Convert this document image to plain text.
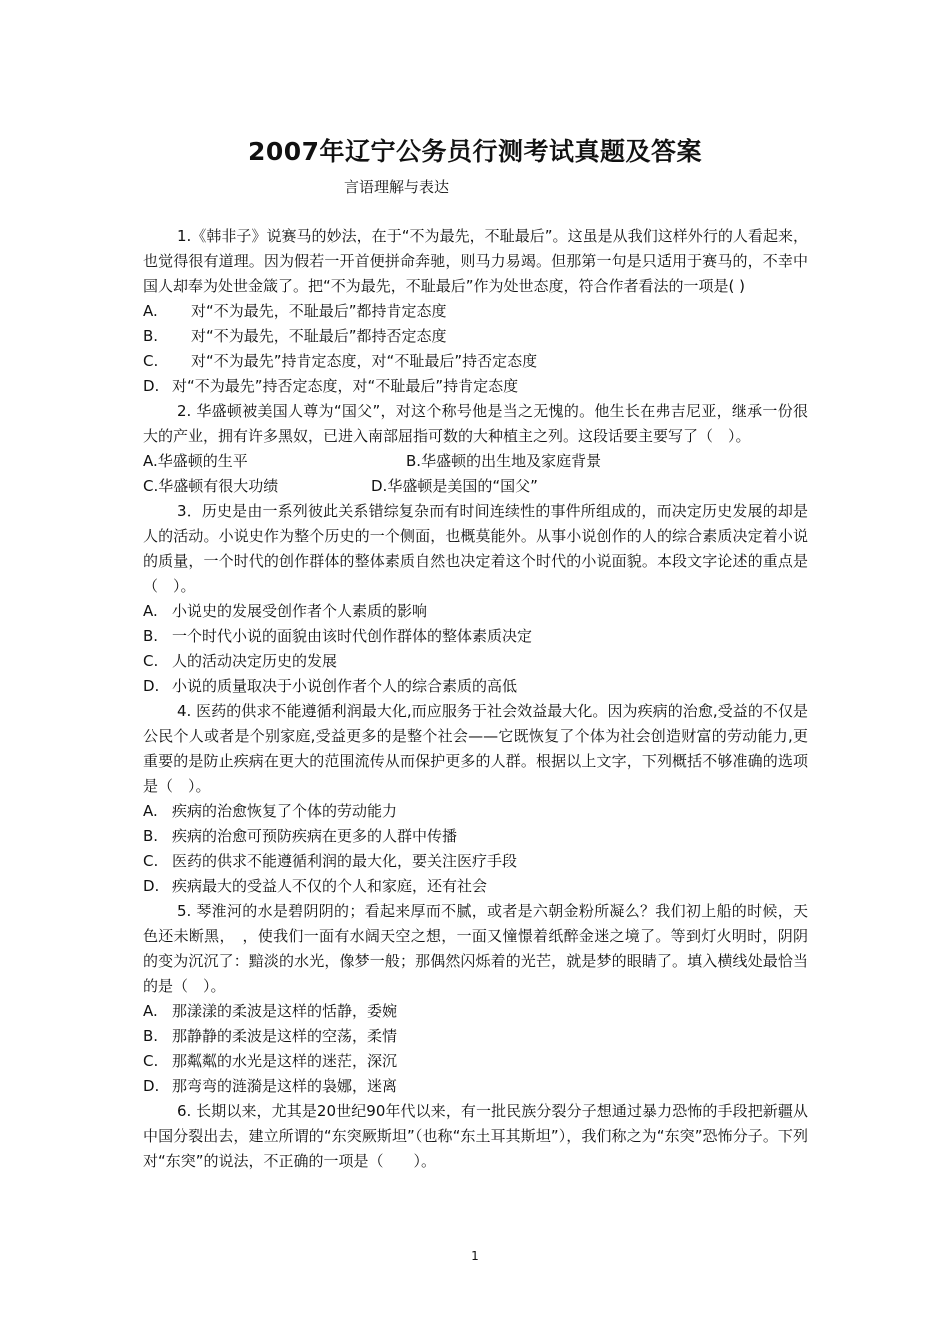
2007年辽宁公务员行测考试真题及答案
言语理解与表达

1.《韩非子》说赛马的妙法，在于“不为最先，不耻最后”。这虽是从我们这样外行的人看起来，也觉得很有道理。因为假若一开首便拼命奔驰，则马力易竭。但那第一句是只适用于赛马的，不幸中国人却奉为处世金箴了。把“不为最先，不耻最后”作为处世态度，符合作者看法的一项是( )

A. 对“不为最先，不耻最后”都持肯定态度

B. 对“不为最先，不耻最后”都持否定态度

C. 对“不为最先”持肯定态度，对“不耻最后”持否定态度

D. 对“不为最先”持否定态度，对“不耻最后”持肯定态度

2. 华盛顿被美国人尊为“国父”，对这个称号他是当之无愧的。他生长在弗吉尼亚，继承一份很大的产业，拥有许多黑奴，已进入南部屈指可数的大种植主之列。这段话要主要写了（　）。

A.华盛顿的生平	B.华盛顿的出生地及家庭背景
C.华盛顿有很大功绩	D.华盛顿是美国的“国父”

3．历史是由一系列彼此关系错综复杂而有时间连续性的事件所组成的，而决定历史发展的却是人的活动。小说史作为整个历史的一个侧面，也概莫能外。从事小说创作的人的综合素质决定着小说的质量，一个时代的创作群体的整体素质自然也决定着这个时代的小说面貌。本段文字论述的重点是（　）。

A. 小说史的发展受创作者个人素质的影响

B. 一个时代小说的面貌由该时代创作群体的整体素质决定

C. 人的活动决定历史的发展

D. 小说的质量取决于小说创作者个人的综合素质的高低

4. 医药的供求不能遵循利润最大化,而应服务于社会效益最大化。因为疾病的治愈,受益的不仅是公民个人或者是个别家庭,受益更多的是整个社会——它既恢复了个体为社会创造财富的劳动能力,更重要的是防止疾病在更大的范围流传从而保护更多的人群。根据以上文字，下列概括不够准确的选项是（　）。

A. 疾病的治愈恢复了个体的劳动能力

B. 疾病的治愈可预防疾病在更多的人群中传播

C. 医药的供求不能遵循利润的最大化，要关注医疗手段

D. 疾病最大的受益人不仅的个人和家庭，还有社会

5. 琴淮河的水是碧阴阴的；看起来厚而不腻，或者是六朝金粉所凝么？我们初上船的时候，天色还未断黑，　，使我们一面有水阔天空之想，一面又憧憬着纸醉金迷之境了。等到灯火明时，阴阴的变为沉沉了：黯淡的水光，像梦一般；那偶然闪烁着的光芒，就是梦的眼睛了。填入横线处最恰当的是（　）。

A. 那漾漾的柔波是这样的恬静，委婉

B. 那静静的柔波是这样的空荡，柔情

C. 那粼粼的水光是这样的迷茫，深沉

D. 那弯弯的涟漪是这样的袅娜，迷离

6. 长期以来，尤其是20世纪90年代以来，有一批民族分裂分子想通过暴力恐怖的手段把新疆从中国分裂出去，建立所谓的“东突厥斯坦”（也称“东土耳其斯坦”），我们称之为“东突”恐怖分子。下列对“东突”的说法，不正确的一项是（　　）。

1
